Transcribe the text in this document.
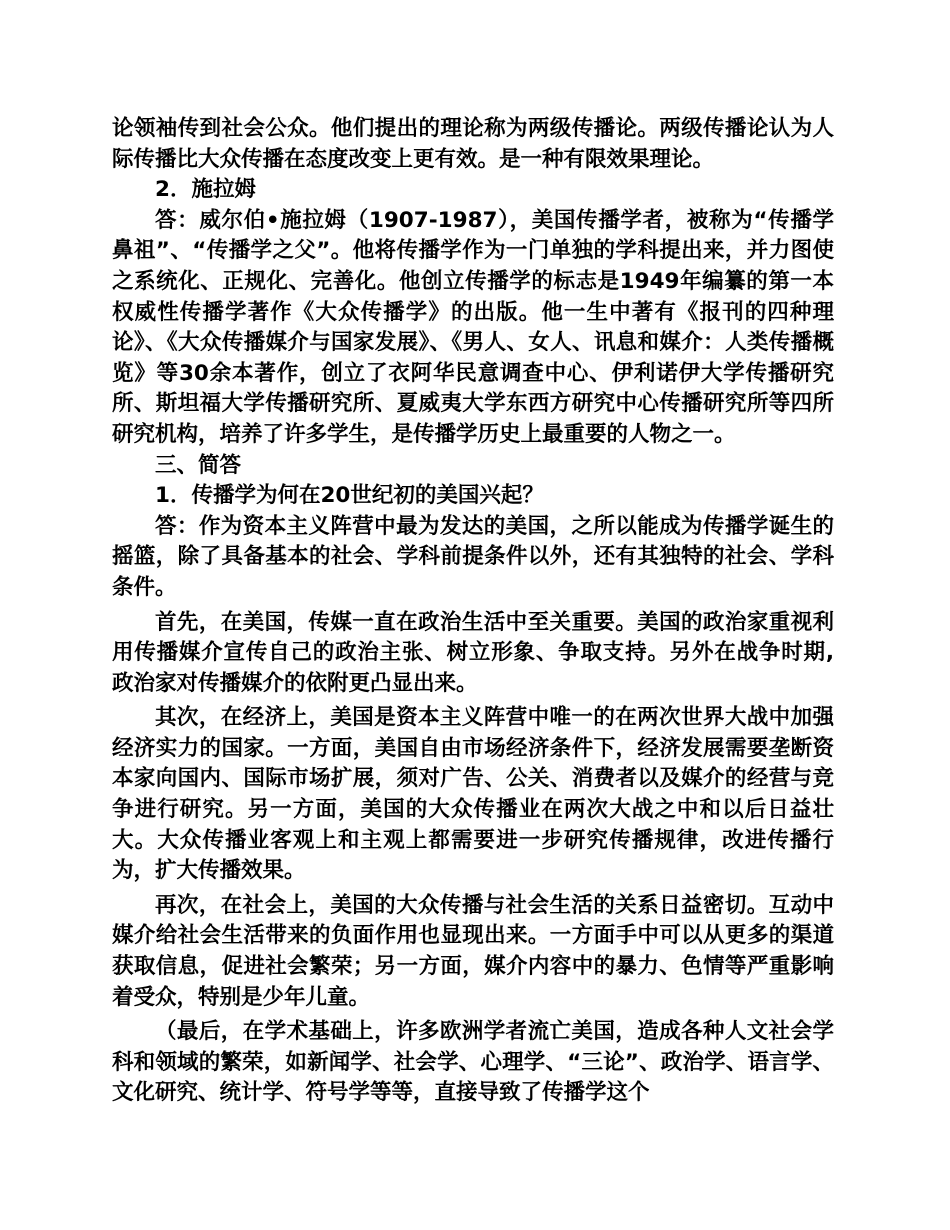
论领袖传到社会公众。他们提出的理论称为两级传播论。两级传播论认为人际传播比大众传播在态度改变上更有效。是一种有限效果理论。

2．施拉姆

答：威尔伯•施拉姆（1907-1987），美国传播学者，被称为“传播学鼻祖”、“传播学之父”。他将传播学作为一门单独的学科提出来，并力图使之系统化、正规化、完善化。他创立传播学的标志是1949年编纂的第一本权威性传播学著作《大众传播学》的出版。他一生中著有《报刊的四种理论》、《大众传播媒介与国家发展》、《男人、女人、讯息和媒介：人类传播概览》等30余本著作，创立了衣阿华民意调查中心、伊利诺伊大学传播研究所、斯坦福大学传播研究所、夏威夷大学东西方研究中心传播研究所等四所研究机构，培养了许多学生，是传播学历史上最重要的人物之一。

三、简答

1．传播学为何在20世纪初的美国兴起？

答：作为资本主义阵营中最为发达的美国，之所以能成为传播学诞生的摇篮，除了具备基本的社会、学科前提条件以外，还有其独特的社会、学科条件。

首先，在美国，传媒一直在政治生活中至关重要。美国的政治家重视利用传播媒介宣传自己的政治主张、树立形象、争取支持。另外在战争时期, 政治家对传播媒介的依附更凸显出来。

其次，在经济上，美国是资本主义阵营中唯一的在两次世界大战中加强经济实力的国家。一方面，美国自由市场经济条件下，经济发展需要垄断资本家向国内、国际市场扩展，须对广告、公关、消费者以及媒介的经营与竞争进行研究。另一方面，美国的大众传播业在两次大战之中和以后日益壮大。大众传播业客观上和主观上都需要进一步研究传播规律，改进传播行为，扩大传播效果。

再次，在社会上，美国的大众传播与社会生活的关系日益密切。互动中媒介给社会生活带来的负面作用也显现出来。一方面手中可以从更多的渠道获取信息，促进社会繁荣；另一方面，媒介内容中的暴力、色情等严重影响着受众，特别是少年儿童。

（最后，在学术基础上，许多欧洲学者流亡美国，造成各种人文社会学科和领域的繁荣，如新闻学、社会学、心理学、“三论”、政治学、语言学、文化研究、统计学、符号学等等，直接导致了传播学这个
